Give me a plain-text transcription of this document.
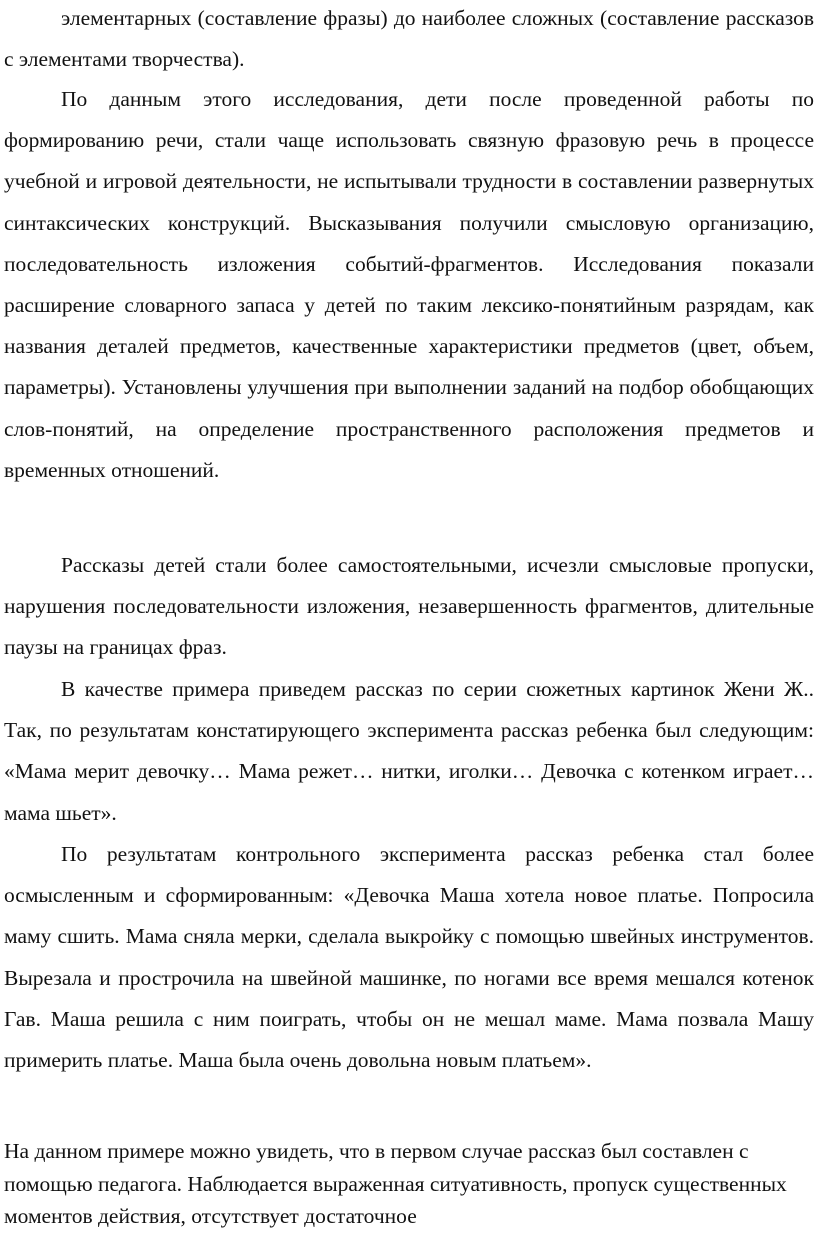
элементарных (составление фразы) до наиболее сложных (составление рассказов с элементами творчества).

По данным этого исследования, дети после проведенной работы по формированию речи, стали чаще использовать связную фразовую речь в процессе учебной и игровой деятельности, не испытывали трудности в составлении развернутых синтаксических конструкций. Высказывания получили смысловую организацию, последовательность изложения событий-фрагментов. Исследования показали расширение словарного запаса у детей по таким лексико-понятийным разрядам, как названия деталей предметов, качественные характеристики предметов (цвет, объем, параметры). Установлены улучшения при выполнении заданий на подбор обобщающих слов-понятий, на определение пространственного расположения предметов и временных отношений.

Рассказы детей стали более самостоятельными, исчезли смысловые пропуски, нарушения последовательности изложения, незавершенность фрагментов, длительные паузы на границах фраз.

В качестве примера приведем рассказ по серии сюжетных картинок Жени Ж.. Так, по результатам констатирующего эксперимента рассказ ребенка был следующим: «Мама мерит девочку… Мама режет… нитки, иголки… Девочка с котенком играет… мама шьет».

По результатам контрольного эксперимента рассказ ребенка стал более осмысленным и сформированным: «Девочка Маша хотела новое платье. Попросила маму сшить. Мама сняла мерки, сделала выкройку с помощью швейных инструментов. Вырезала и прострочила на швейной машинке, по ногами все время мешался котенок Гав. Маша решила с ним поиграть, чтобы он не мешал маме. Мама позвала Машу примерить платье. Маша была очень довольна новым платьем».

На данном примере можно увидеть, что в первом случае рассказ был составлен с помощью педагога. Наблюдается выраженная ситуативность, пропуск существенных моментов действия, отсутствует достаточное
